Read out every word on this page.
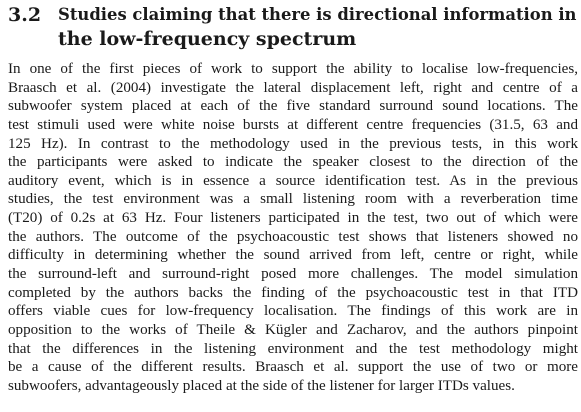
3.2 Studies claiming that there is directional information in
the low-frequency spectrum

In one of the first pieces of work to support the ability to localise low-frequencies,
Braasch et al. (2004) investigate the lateral displacement left, right and centre of a
subwoofer system placed at each of the five standard surround sound locations. The
test stimuli used were white noise bursts at different centre frequencies (31.5, 63 and
125 Hz). In contrast to the methodology used in the previous tests, in this work
the participants were asked to indicate the speaker closest to the direction of the
auditory event, which is in essence a source identification test. As in the previous
studies, the test environment was a small listening room with a reverberation time
(T20) of 0.2s at 63 Hz. Four listeners participated in the test, two out of which were
the authors. The outcome of the psychoacoustic test shows that listeners showed no
difficulty in determining whether the sound arrived from left, centre or right, while
the surround-left and surround-right posed more challenges. The model simulation
completed by the authors backs the finding of the psychoacoustic test in that ITD
offers viable cues for low-frequency localisation. The findings of this work are in
opposition to the works of Theile & Kügler and Zacharov, and the authors pinpoint
that the differences in the listening environment and the test methodology might
be a cause of the different results. Braasch et al. support the use of two or more
subwoofers, advantageously placed at the side of the listener for larger ITDs values.
